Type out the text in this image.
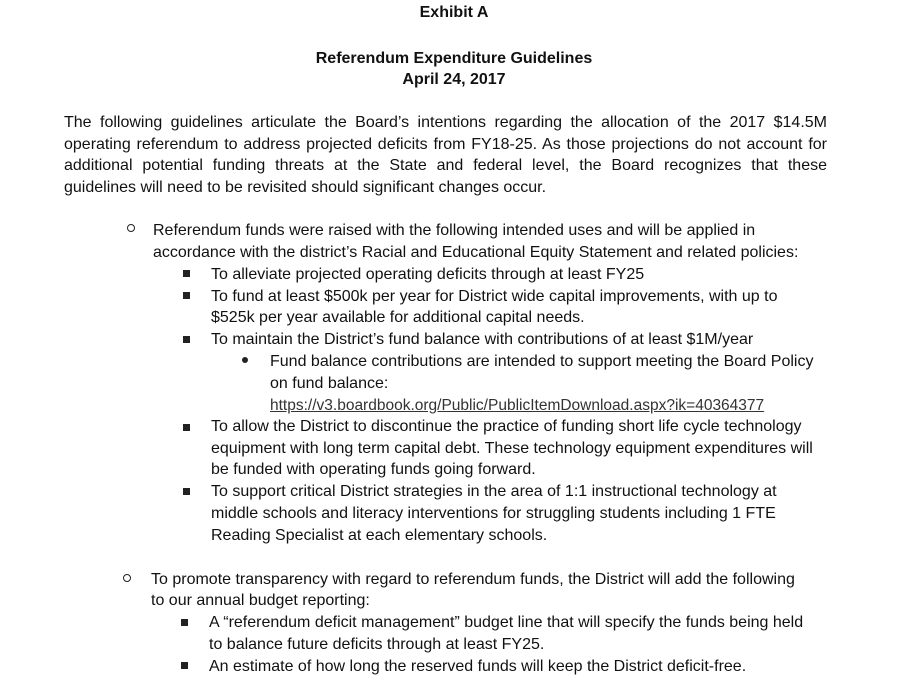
Exhibit A
Referendum Expenditure Guidelines
April 24, 2017
The following guidelines articulate the Board’s intentions regarding the allocation of the 2017 $14.5M operating referendum to address projected deficits from FY18-25. As those projections do not account for additional potential funding threats at the State and federal level, the Board recognizes that these guidelines will need to be revisited should significant changes occur.
Referendum funds were raised with the following intended uses and will be applied in
accordance with the district’s Racial and Educational Equity Statement and related policies:
To alleviate projected operating deficits through at least FY25
To fund at least $500k per year for District wide capital improvements, with up to
$525k per year available for additional capital needs.
To maintain the District’s fund balance with contributions of at least $1M/year
Fund balance contributions are intended to support meeting the Board Policy
on fund balance:
https://v3.boardbook.org/Public/PublicItemDownload.aspx?ik=40364377
To allow the District to discontinue the practice of funding short life cycle technology
equipment with long term capital debt. These technology equipment expenditures will
be funded with operating funds going forward.
To support critical District strategies in the area of 1:1 instructional technology at
middle schools and literacy interventions for struggling students including 1 FTE
Reading Specialist at each elementary schools.
To promote transparency with regard to referendum funds, the District will add the following
to our annual budget reporting:
A “referendum deficit management” budget line that will specify the funds being held
to balance future deficits through at least FY25.
An estimate of how long the reserved funds will keep the District deficit-free.
